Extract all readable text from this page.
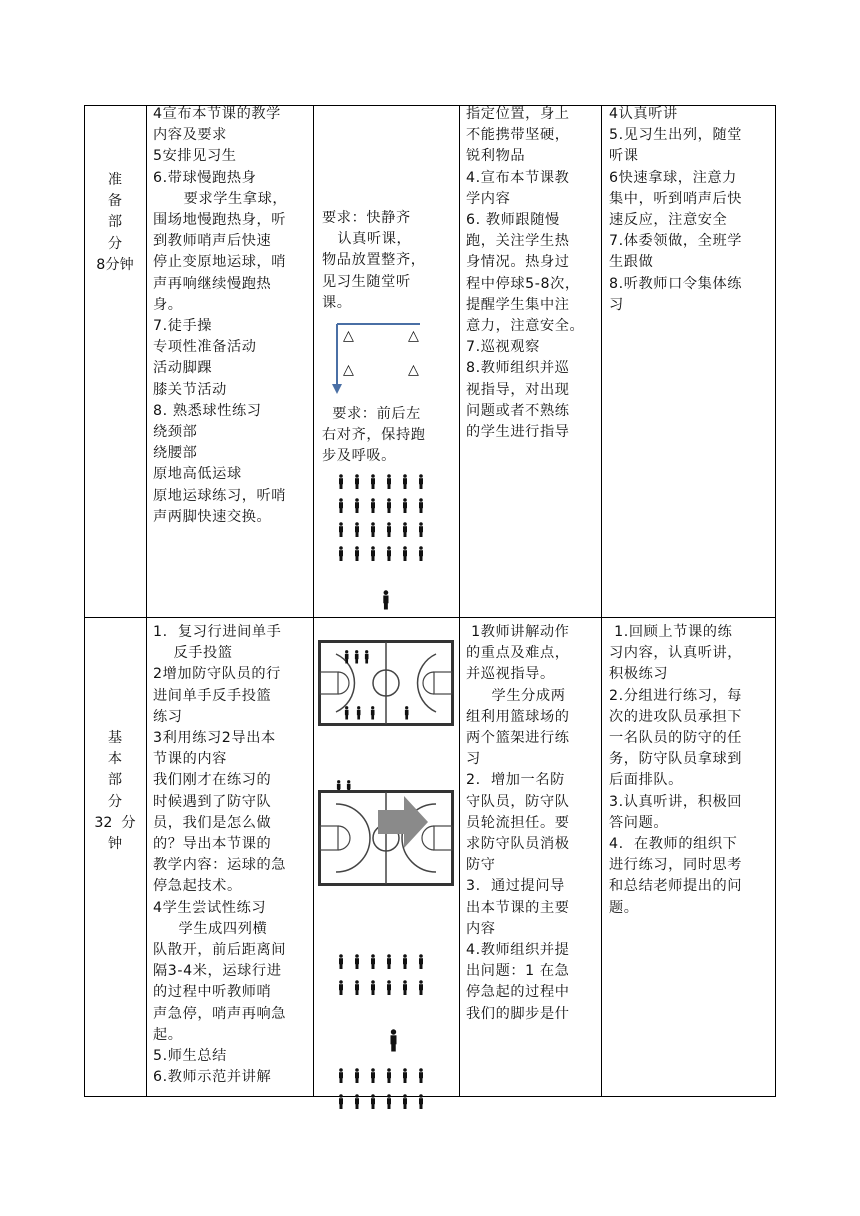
准
备
部
分
8分钟
4宣布本节课的教学
内容及要求
5安排见习生
6.带球慢跑热身
要求学生拿球，
围场地慢跑热身，听
到教师哨声后快速
停止变原地运球，哨
声再响继续慢跑热
身。
7.徒手操
专项性准备活动
活动脚踝
膝关节活动
8. 熟悉球性练习
绕颈部
绕腰部
原地高低运球
原地运球练习，听哨
声两脚快速交换。
要求：快静齐
认真听课，
物品放置整齐，
见习生随堂听
课。
△	△
△	△
要求：前后左
右对齐，保持跑
步及呼吸。
指定位置，身上
不能携带坚硬，
锐利物品
4.宣布本节课教
学内容
6. 教师跟随慢
跑，关注学生热
身情况。热身过
程中停球5-8次，
提醒学生集中注
意力，注意安全。
7.巡视观察
8.教师组织并巡
视指导，对出现
问题或者不熟练
的学生进行指导
4认真听讲
5.见习生出列，随堂
听课
6快速拿球，注意力
集中，听到哨声后快
速反应，注意安全
7.体委领做，全班学
生跟做
8.听教师口令集体练
习
基
本
部
分
32  分
钟
1.  复习行进间单手
反手投篮
2增加防守队员的行
进间单手反手投篮
练习
3利用练习2导出本
节课的内容
我们刚才在练习的
时候遇到了防守队
员，我们是怎么做
的？导出本节课的
教学内容：运球的急
停急起技术。
4学生尝试性练习
学生成四列横
队散开，前后距离间
隔3-4米，运球行进
的过程中听教师哨
声急停，哨声再响急
起。
5.师生总结
6.教师示范并讲解
1教师讲解动作
的重点及难点，
并巡视指导。
学生分成两
组利用篮球场的
两个篮架进行练
习
2.  增加一名防
守队员，防守队
员轮流担任。要
求防守队员消极
防守
3.  通过提问导
出本节课的主要
内容
4.教师组织并提
出问题：1 在急
停急起的过程中
我们的脚步是什
1.回顾上节课的练
习内容，认真听讲，
积极练习
2.分组进行练习，每
次的进攻队员承担下
一名队员的防守的任
务，防守队员拿球到
后面排队。
3.认真听讲，积极回
答问题。
4.  在教师的组织下
进行练习，同时思考
和总结老师提出的问
题。
